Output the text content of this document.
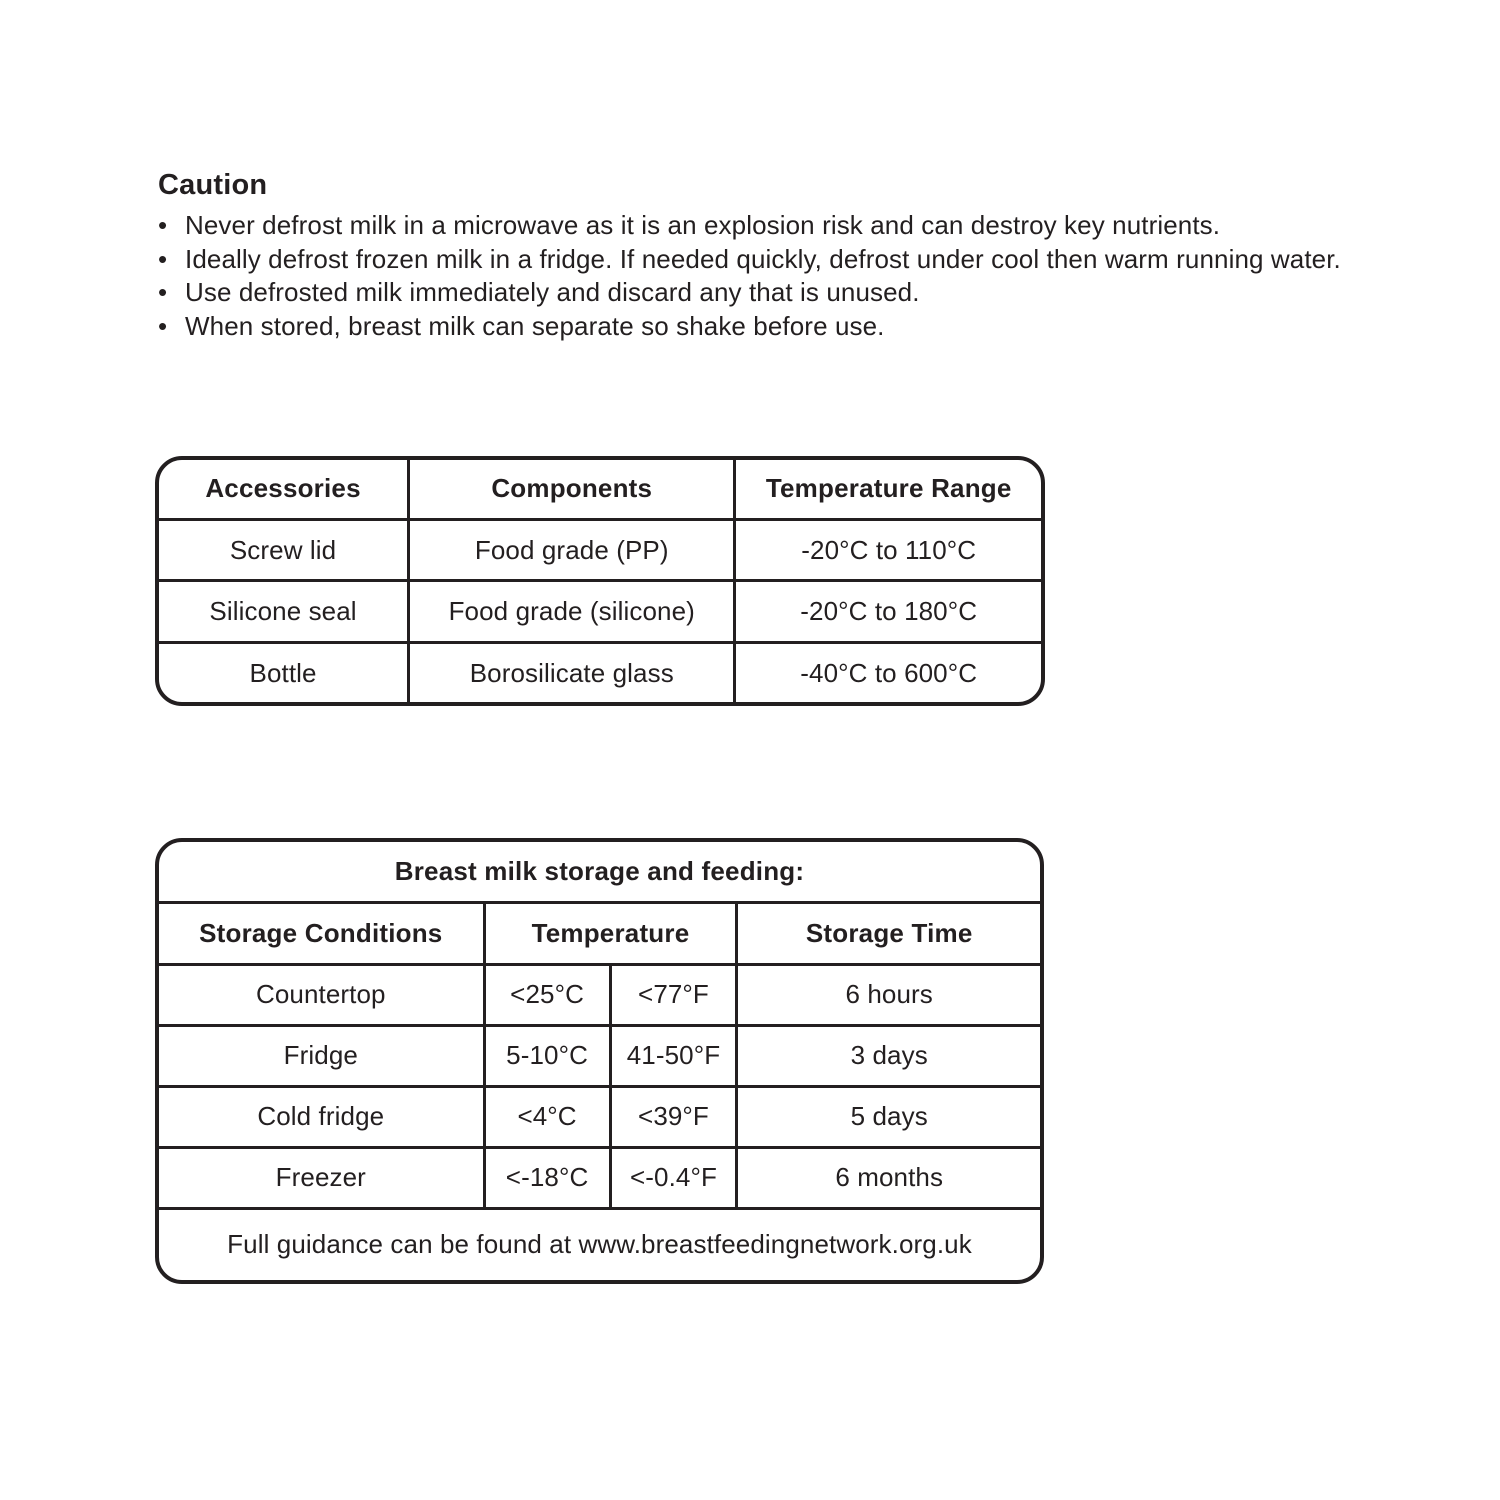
Caution
• Never defrost milk in a microwave as it is an explosion risk and can destroy key nutrients.
• Ideally defrost frozen milk in a fridge. If needed quickly, defrost under cool then warm running water.
• Use defrosted milk immediately and discard any that is unused.
• When stored, breast milk can separate so shake before use.
Accessories	Components	Temperature Range
Screw lid	Food grade (PP)	-20°C to 110°C
Silicone seal	Food grade (silicone)	-20°C to 180°C
Bottle	Borosilicate glass	-40°C to 600°C
Breast milk storage and feeding:			
Storage Conditions	Temperature		Storage Time
Countertop	<25°C	<77°F	6 hours
Fridge	5-10°C	41-50°F	3 days
Cold fridge	<4°C	<39°F	5 days
Freezer	<-18°C	<-0.4°F	6 months
Full guidance can be found at www.breastfeedingnetwork.org.uk			
